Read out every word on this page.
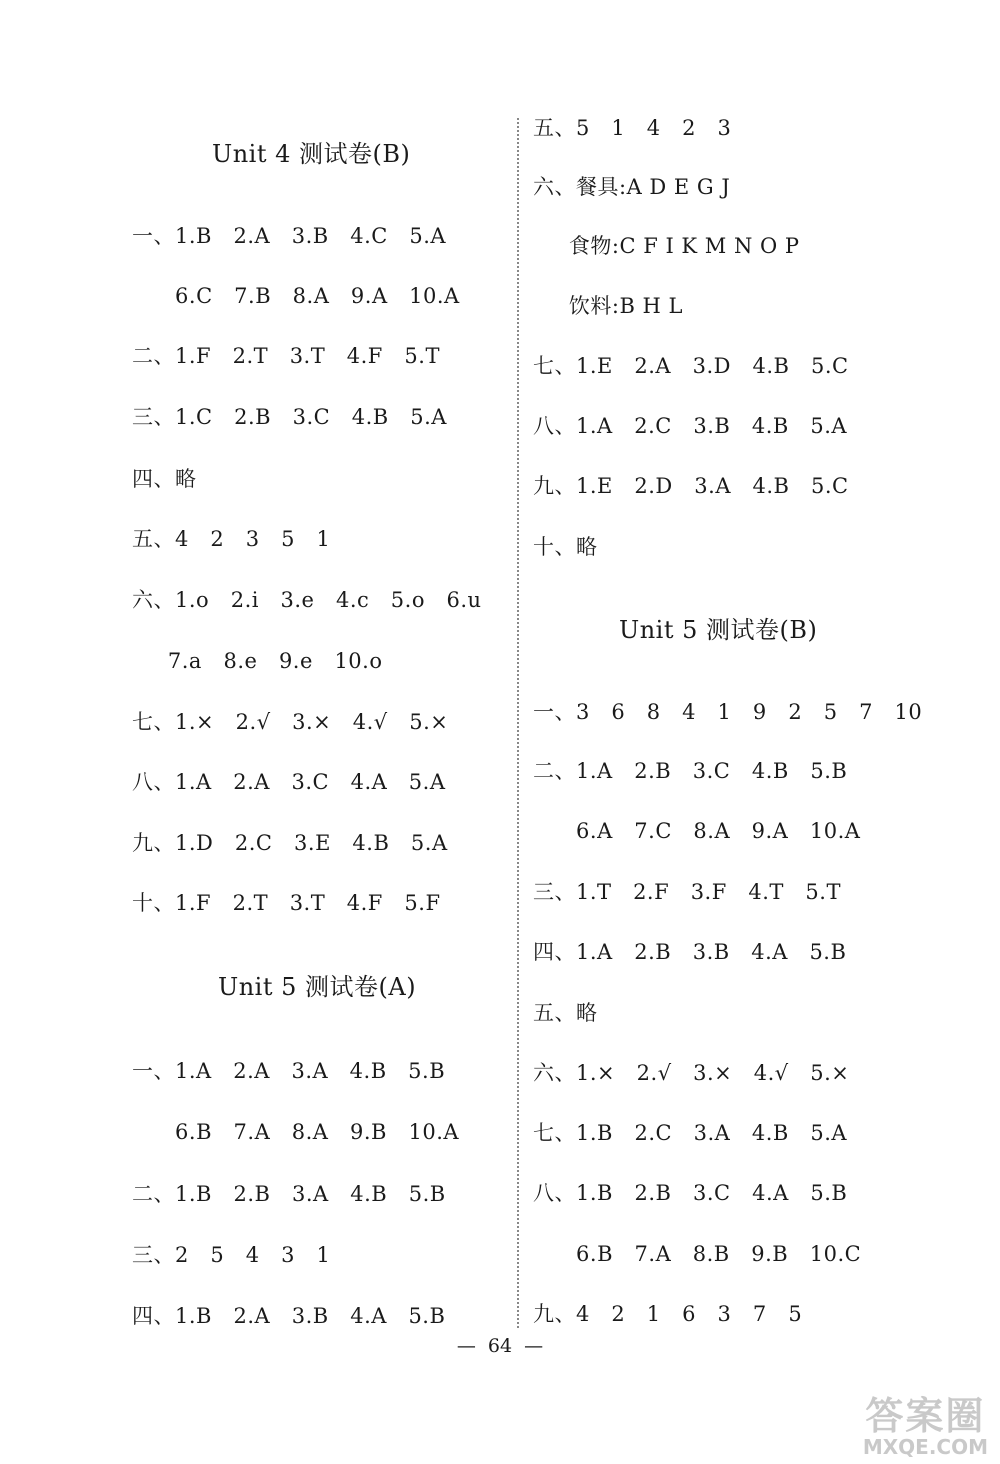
Unit 4 测试卷(B)
一、1.B   2.A   3.B   4.C   5.A
6.C   7.B   8.A   9.A   10.A
二、1.F   2.T   3.T   4.F   5.T
三、1.C   2.B   3.C   4.B   5.A
四、略
五、4   2   3   5   1
六、1.o   2.i   3.e   4.c   5.o   6.u
7.a   8.e   9.e   10.o
七、1.×   2.√   3.×   4.√   5.×
八、1.A   2.A   3.C   4.A   5.A
九、1.D   2.C   3.E   4.B   5.A
十、1.F   2.T   3.T   4.F   5.F
Unit 5 测试卷(A)
一、1.A   2.A   3.A   4.B   5.B
6.B   7.A   8.A   9.B   10.A
二、1.B   2.B   3.A   4.B   5.B
三、2   5   4   3   1
四、1.B   2.A   3.B   4.A   5.B
五、5   1   4   2   3
六、餐具:A D E G J
食物:C F I K M N O P
饮料:B H L
七、1.E   2.A   3.D   4.B   5.C
八、1.A   2.C   3.B   4.B   5.A
九、1.E   2.D   3.A   4.B   5.C
十、略
Unit 5 测试卷(B)
一、3   6   8   4   1   9   2   5   7   10
二、1.A   2.B   3.C   4.B   5.B
6.A   7.C   8.A   9.A   10.A
三、1.T   2.F   3.F   4.T   5.T
四、1.A   2.B   3.B   4.A   5.B
五、略
六、1.×   2.√   3.×   4.√   5.×
七、1.B   2.C   3.A   4.B   5.A
八、1.B   2.B   3.C   4.A   5.B
6.B   7.A   8.B   9.B   10.C
九、4   2   1   6   3   7   5
—  64  —
答案圈
MXQE.COM
